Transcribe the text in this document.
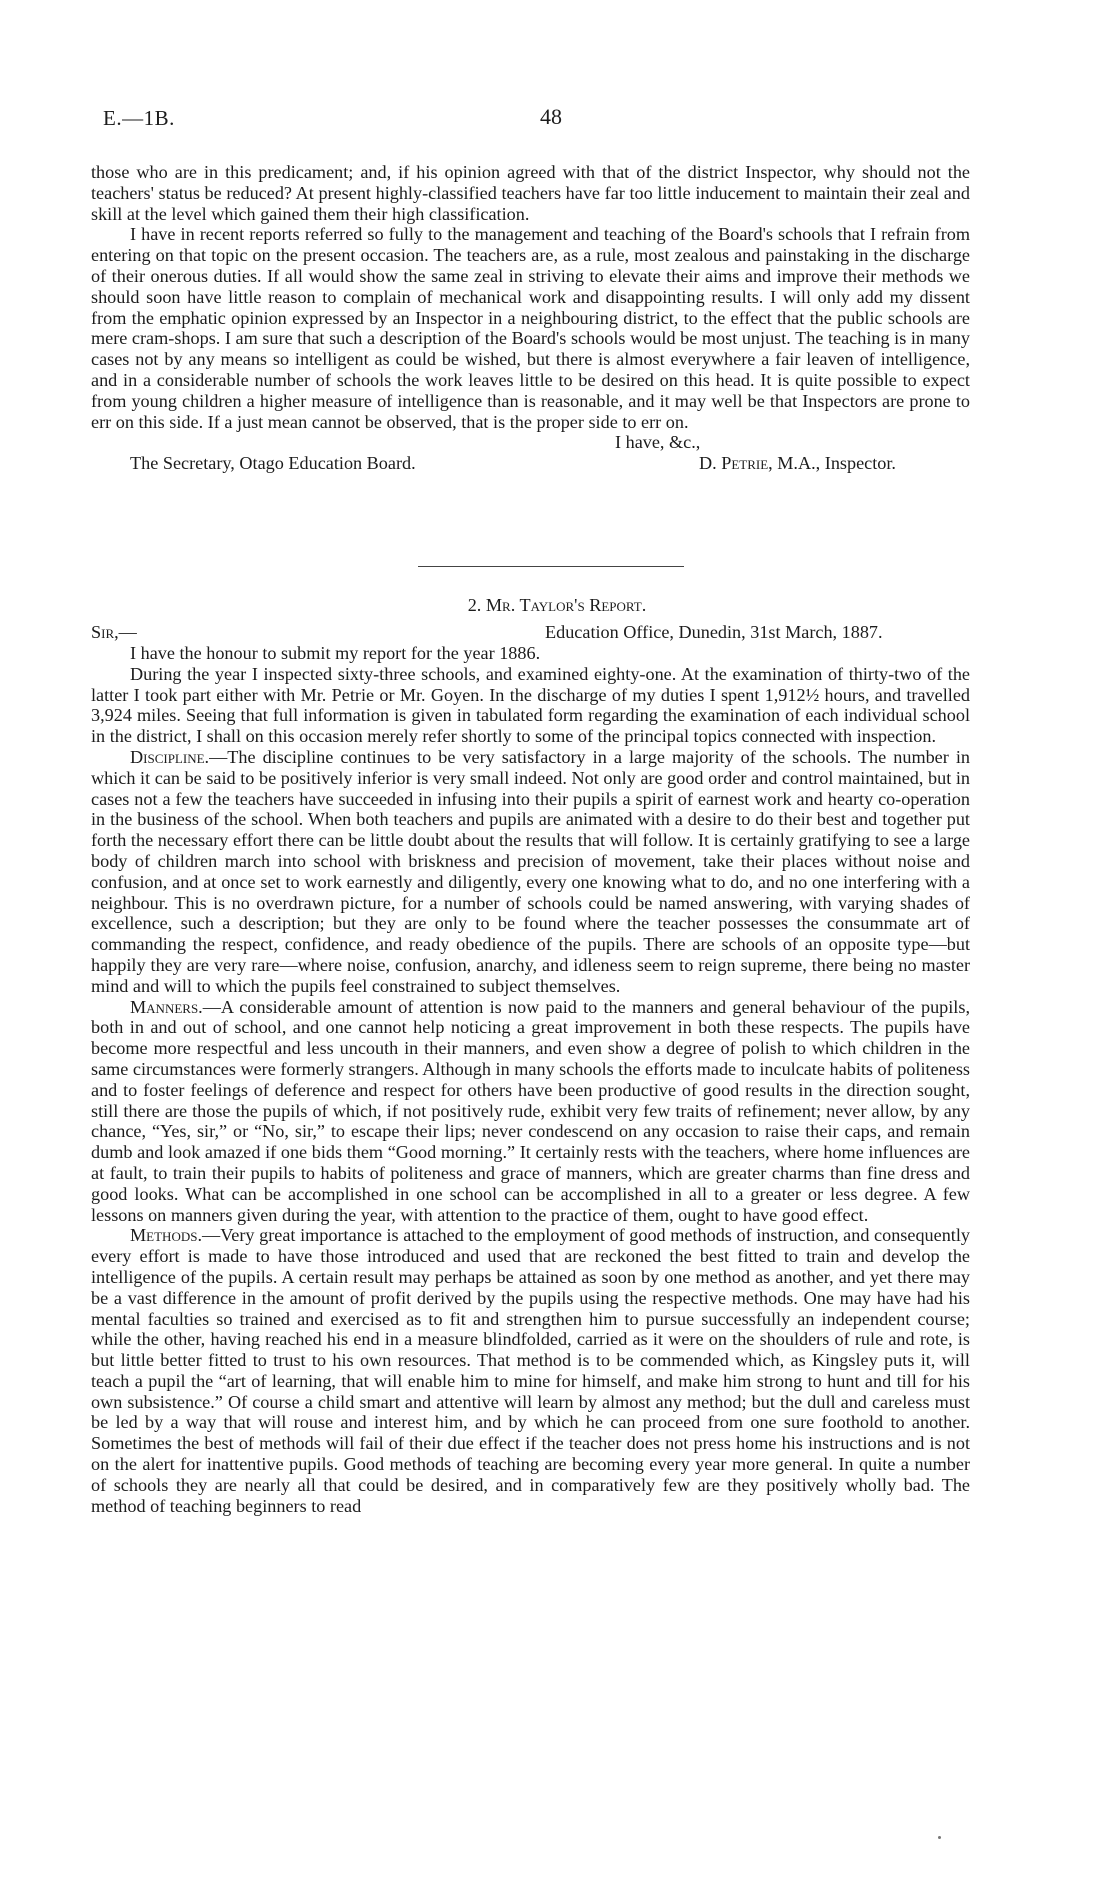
E.—1B.	48

those who are in this predicament; and, if his opinion agreed with that of the district Inspector, why should not the teachers' status be reduced? At present highly-classified teachers have far too little inducement to maintain their zeal and skill at the level which gained them their high classification.

I have in recent reports referred so fully to the management and teaching of the Board's schools that I refrain from entering on that topic on the present occasion. The teachers are, as a rule, most zealous and painstaking in the discharge of their onerous duties. If all would show the same zeal in striving to elevate their aims and improve their methods we should soon have little reason to complain of mechanical work and disappointing results. I will only add my dissent from the emphatic opinion expressed by an Inspector in a neighbouring district, to the effect that the public schools are mere cram-shops. I am sure that such a description of the Board's schools would be most unjust. The teaching is in many cases not by any means so intelligent as could be wished, but there is almost everywhere a fair leaven of intelligence, and in a considerable number of schools the work leaves little to be desired on this head. It is quite possible to expect from young children a higher measure of intelligence than is reasonable, and it may well be that Inspectors are prone to err on this side. If a just mean cannot be observed, that is the proper side to err on.

I have, &c.,
The Secretary, Otago Education Board.	D. Petrie, M.A., Inspector.
2. Mr. Taylor's Report.
Sir,—	Education Office, Dunedin, 31st March, 1887.

I have the honour to submit my report for the year 1886.

During the year I inspected sixty-three schools, and examined eighty-one. At the examination of thirty-two of the latter I took part either with Mr. Petrie or Mr. Goyen. In the discharge of my duties I spent 1,912½ hours, and travelled 3,924 miles. Seeing that full information is given in tabulated form regarding the examination of each individual school in the district, I shall on this occasion merely refer shortly to some of the principal topics connected with inspection.

Discipline.—The discipline continues to be very satisfactory in a large majority of the schools. The number in which it can be said to be positively inferior is very small indeed. Not only are good order and control maintained, but in cases not a few the teachers have succeeded in infusing into their pupils a spirit of earnest work and hearty co-operation in the business of the school. When both teachers and pupils are animated with a desire to do their best and together put forth the necessary effort there can be little doubt about the results that will follow. It is certainly gratifying to see a large body of children march into school with briskness and precision of movement, take their places without noise and confusion, and at once set to work earnestly and diligently, every one knowing what to do, and no one interfering with a neighbour. This is no overdrawn picture, for a number of schools could be named answering, with varying shades of excellence, such a description; but they are only to be found where the teacher possesses the consummate art of commanding the respect, confidence, and ready obedience of the pupils. There are schools of an opposite type—but happily they are very rare—where noise, confusion, anarchy, and idleness seem to reign supreme, there being no master mind and will to which the pupils feel constrained to subject themselves.

Manners.—A considerable amount of attention is now paid to the manners and general behaviour of the pupils, both in and out of school, and one cannot help noticing a great improvement in both these respects. The pupils have become more respectful and less uncouth in their manners, and even show a degree of polish to which children in the same circumstances were formerly strangers. Although in many schools the efforts made to inculcate habits of politeness and to foster feelings of deference and respect for others have been productive of good results in the direction sought, still there are those the pupils of which, if not positively rude, exhibit very few traits of refinement; never allow, by any chance, “Yes, sir,” or “No, sir,” to escape their lips; never condescend on any occasion to raise their caps, and remain dumb and look amazed if one bids them “Good morning.” It certainly rests with the teachers, where home influences are at fault, to train their pupils to habits of politeness and grace of manners, which are greater charms than fine dress and good looks. What can be accomplished in one school can be accomplished in all to a greater or less degree. A few lessons on manners given during the year, with attention to the practice of them, ought to have good effect.

Methods.—Very great importance is attached to the employment of good methods of instruction, and consequently every effort is made to have those introduced and used that are reckoned the best fitted to train and develop the intelligence of the pupils. A certain result may perhaps be attained as soon by one method as another, and yet there may be a vast difference in the amount of profit derived by the pupils using the respective methods. One may have had his mental faculties so trained and exercised as to fit and strengthen him to pursue successfully an independent course; while the other, having reached his end in a measure blindfolded, carried as it were on the shoulders of rule and rote, is but little better fitted to trust to his own resources. That method is to be commended which, as Kingsley puts it, will teach a pupil the “art of learning, that will enable him to mine for himself, and make him strong to hunt and till for his own subsistence.” Of course a child smart and attentive will learn by almost any method; but the dull and careless must be led by a way that will rouse and interest him, and by which he can proceed from one sure foothold to another. Sometimes the best of methods will fail of their due effect if the teacher does not press home his instructions and is not on the alert for inattentive pupils. Good methods of teaching are becoming every year more general. In quite a number of schools they are nearly all that could be desired, and in comparatively few are they positively wholly bad. The method of teaching beginners to read
